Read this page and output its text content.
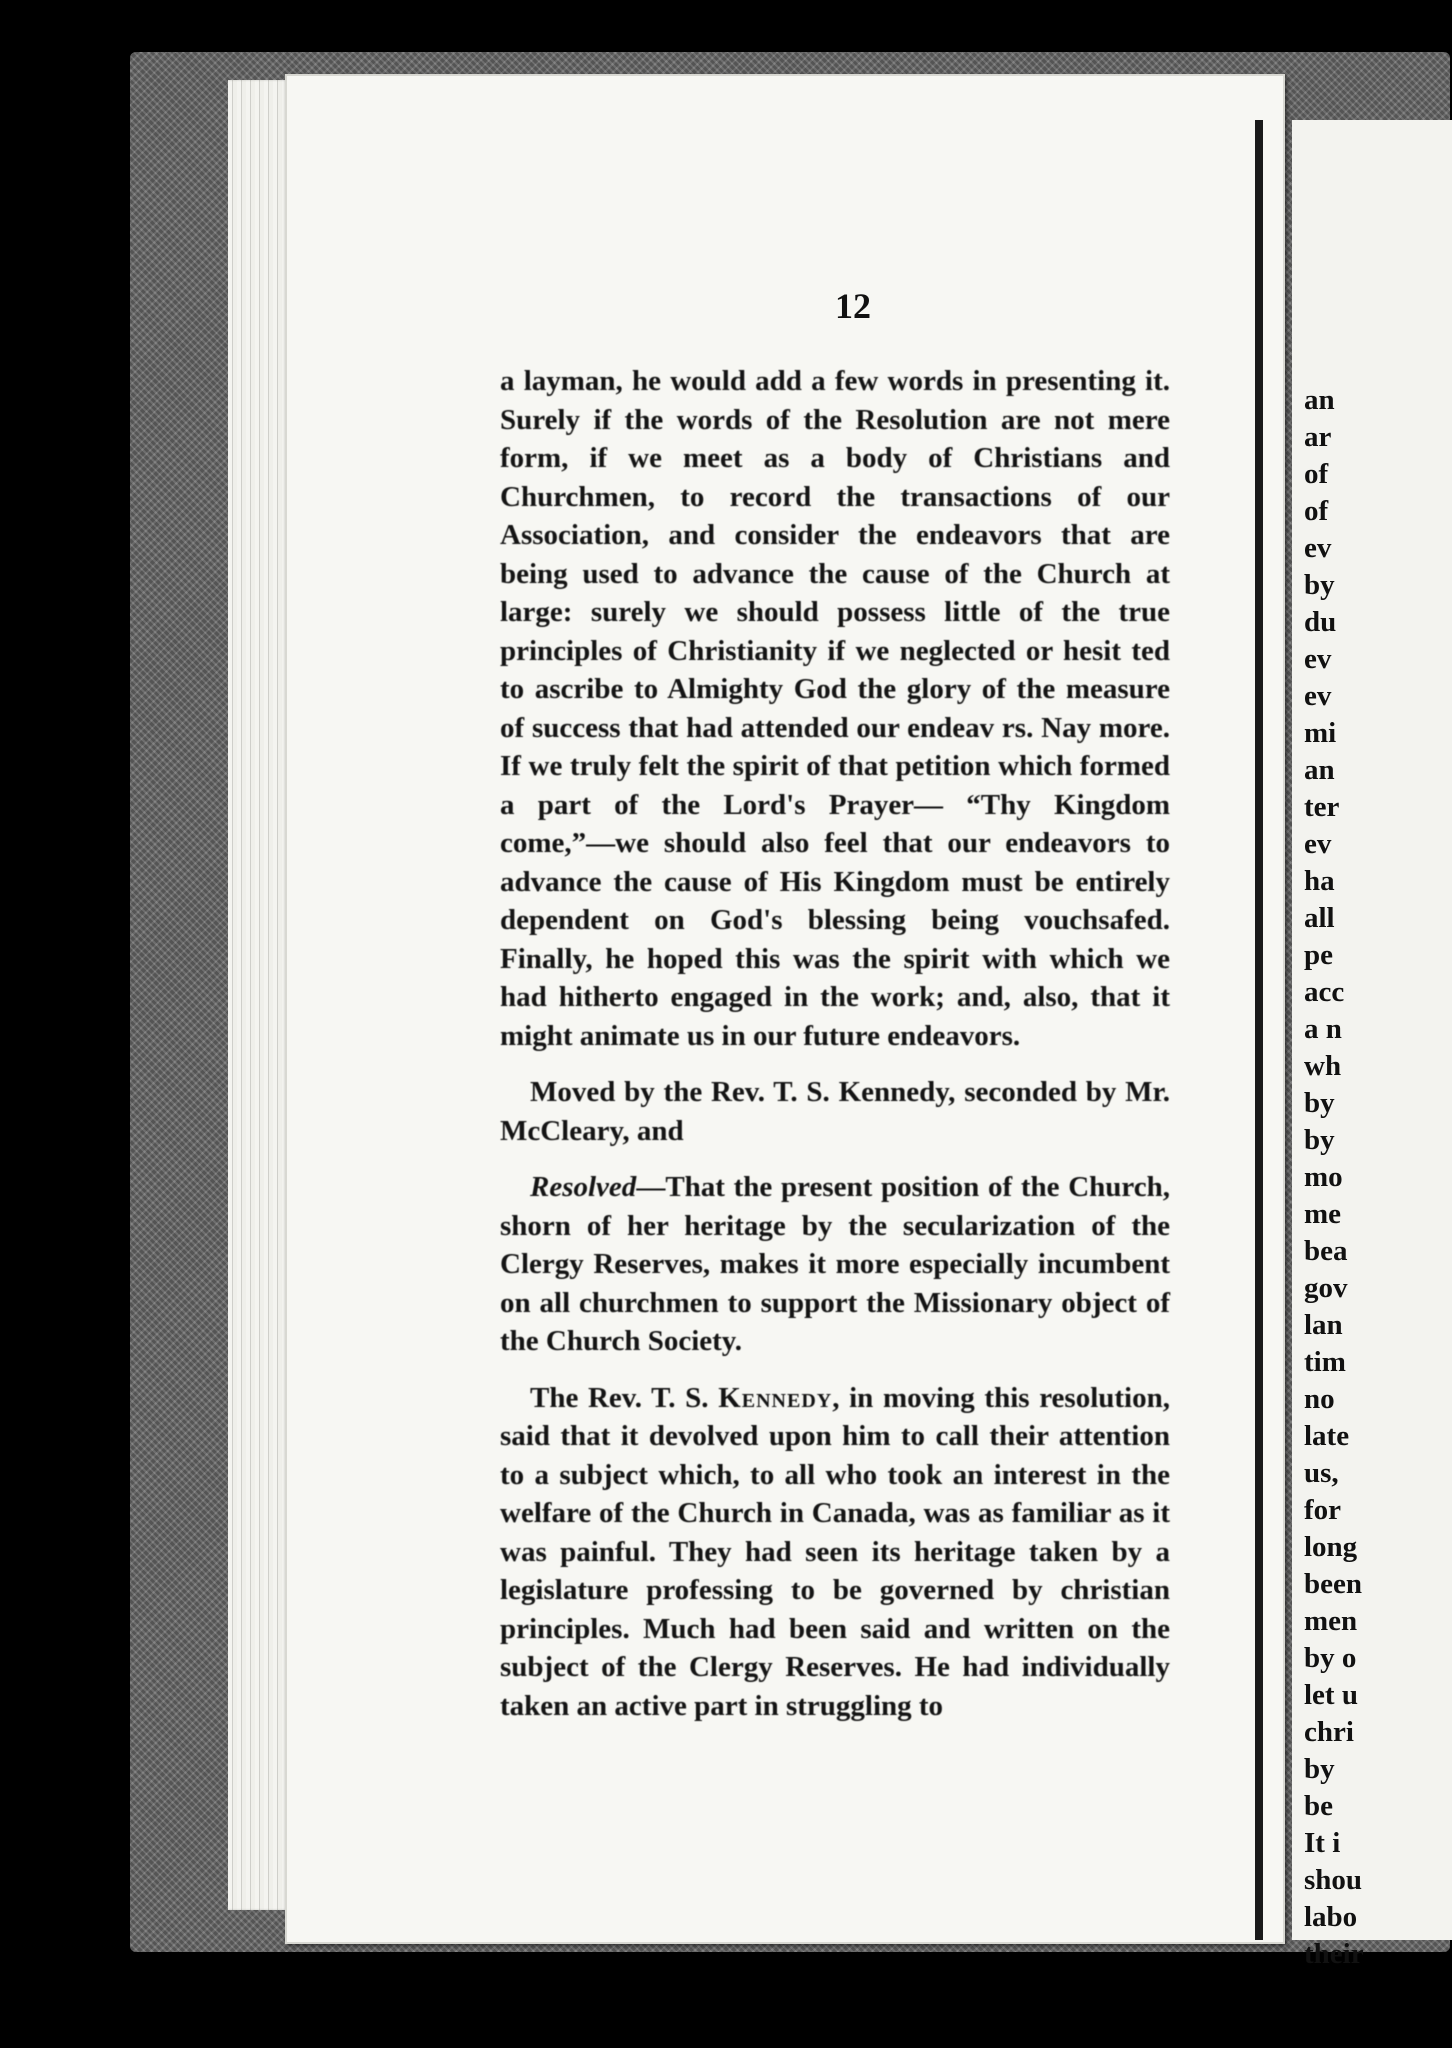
an
ar
of
of
ev
by
du
ev
ev
mi
an
ter
ev
ha
all
pe
acc
a n
wh
by
by
mo
me
bea
gov
lan
tim
no
late
us,
for
long
been
men
by o
let u
chri
by
be
It i
shou
labo
their
12

a layman, he would add a few words in presenting it. Surely if the words of the Resolution are not mere form, if we meet as a body of Christians and Churchmen, to record the transactions of our Association, and consider the endeavors that are being used to advance the cause of the Church at large: surely we should possess little of the true principles of Christianity if we neglected or hesit ted to ascribe to Almighty God the glory of the measure of success that had attended our endeav rs. Nay more. If we truly felt the spirit of that petition which formed a part of the Lord's Prayer— “Thy Kingdom come,”—we should also feel that our endeavors to advance the cause of His Kingdom must be entirely dependent on God's blessing being vouchsafed. Finally, he hoped this was the spirit with which we had hitherto engaged in the work; and, also, that it might animate us in our future endeavors.

Moved by the Rev. T. S. Kennedy, seconded by Mr. McCleary, and

Resolved—That the present position of the Church, shorn of her heritage by the secularization of the Clergy Reserves, makes it more especially incumbent on all churchmen to support the Missionary object of the Church Society.

The Rev. T. S. Kennedy, in moving this resolution, said that it devolved upon him to call their attention to a subject which, to all who took an interest in the welfare of the Church in Canada, was as familiar as it was painful. They had seen its heritage taken by a legislature professing to be governed by christian principles. Much had been said and written on the subject of the Clergy Reserves. He had individually taken an active part in struggling to
